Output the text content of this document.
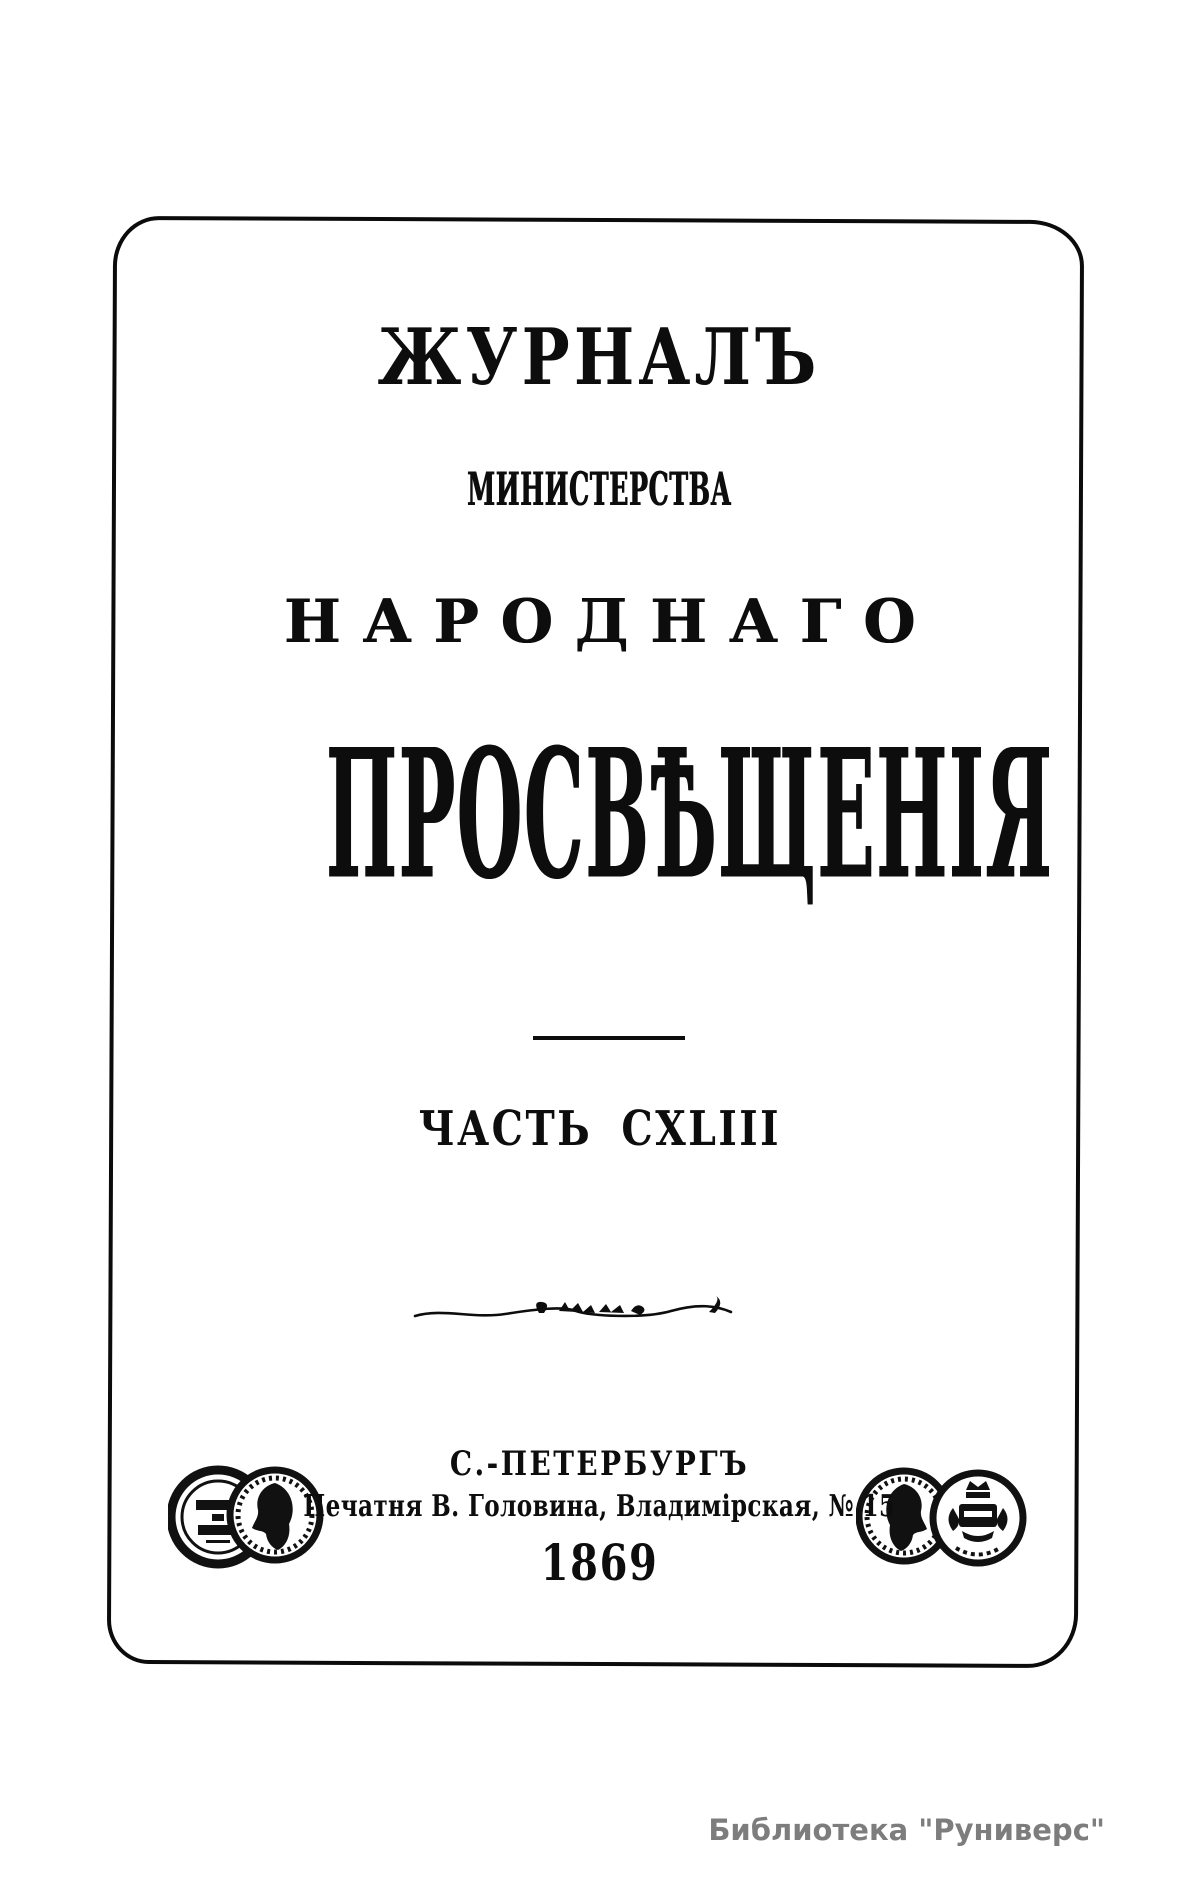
ЖУРНАЛЪ
МИНИСТЕРСТВА
НАРОДНАГО
ПРОСВѢЩЕНІЯ
ЧАСТЬ CXLIII
С.-ПЕТЕРБУРГЪ
Печатня В. Головина, Владимірская, № 15
1869
Библиотека "Руниверс"
